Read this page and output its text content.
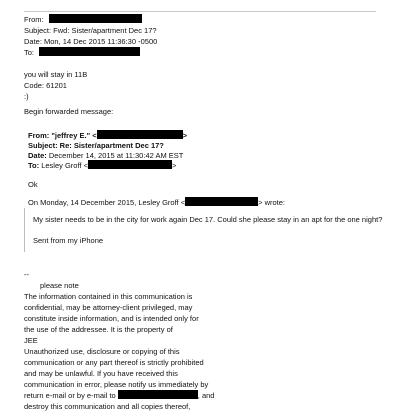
From:
Subject: Fwd: Sister/apartment Dec 17?
Date: Mon, 14 Dec 2015 11:36:30 -0500
To:
you will stay in 11B
Code: 61201
:)
Begin forwarded message:
From: "jeffrey E." <	>
Subject: Re: Sister/apartment Dec 17?
Date: December 14, 2015 at 11:30:42 AM EST
To: Lesley Groff <	>
Ok
On Monday, 14 December 2015, Lesley Groff <	> wrote:
My sister needs to be in the city for work again Dec 17. Could she please stay in an apt for the one night?
Sent from my iPhone
--
please note
The information contained in this communication is
confidential, may be attorney-client privileged, may
constitute inside information, and is intended only for
the use of the addressee. It is the property of
JEE
Unauthorized use, disclosure or copying of this
communication or any part thereof is strictly prohibited
and may be unlawful. If you have received this
communication in error, please notify us immediately by
return e-mail or by e-mail to	, and
destroy this communication and all copies thereof,
